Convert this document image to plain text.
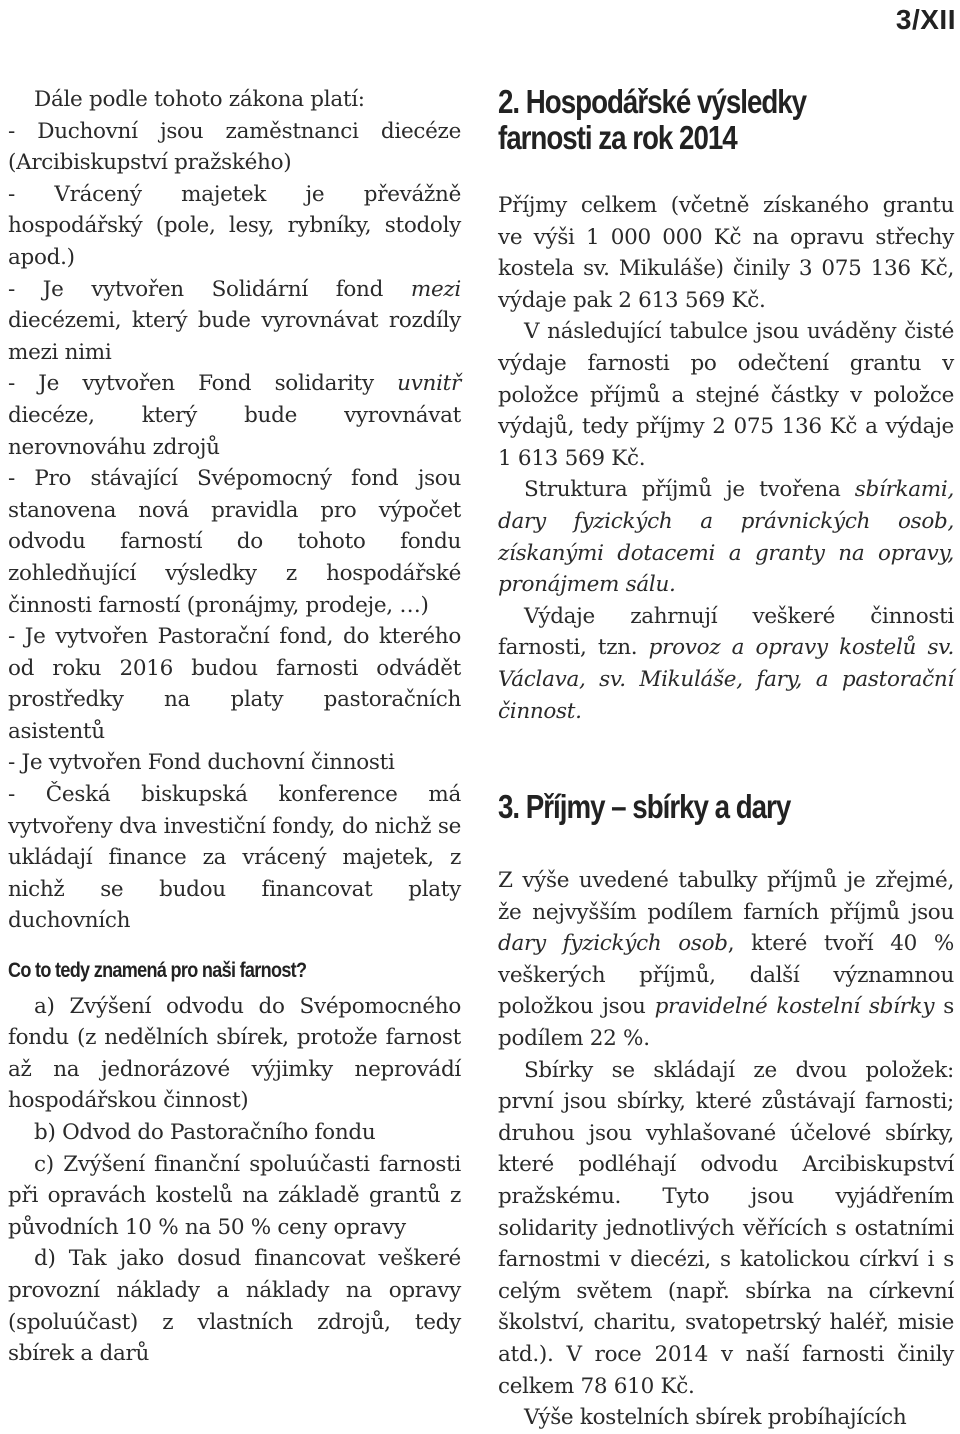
3/XII

Dále podle tohoto zákona platí:

- Duchovní jsou zaměstnanci diecéze (Arcibiskupství pražského)

- Vrácený majetek je převážně hospodářský (pole, lesy, rybníky, stodoly apod.)

- Je vytvořen Solidární fond mezi diecézemi, který bude vyrovnávat rozdíly mezi nimi

- Je vytvořen Fond solidarity uvnitř diecéze, který bude vyrovnávat nerovnováhu zdrojů

- Pro stávající Svépomocný fond jsou stanovena nová pravidla pro výpočet odvodu farností do tohoto fondu zohledňující výsledky z hospodářské činnosti farností (pronájmy, prodeje, …)

- Je vytvořen Pastorační fond, do kterého od roku 2016 budou farnosti odvádět prostředky na platy pastoračních asistentů

- Je vytvořen Fond duchovní činnosti

- Česká biskupská konference má vytvořeny dva investiční fondy, do nichž se ukládají finance za vrácený majetek, z nichž se budou financovat platy duchovních

Co to tedy znamená pro naši farnost?

a) Zvýšení odvodu do Svépomocného fondu (z nedělních sbírek, protože farnost až na jednorázové výjimky neprovádí hospodářskou činnost)

b) Odvod do Pastoračního fondu

c) Zvýšení finanční spoluúčasti farnosti při opravách kostelů na základě grantů z původních 10 % na 50 % ceny opravy

d) Tak jako dosud financovat veškeré provozní náklady a náklady na opravy (spoluúčast) z vlastních zdrojů, tedy sbírek a darů

2. Hospodářské výsledky
farnosti za rok 2014

Příjmy celkem (včetně získaného grantu ve výši 1 000 000 Kč na opravu střechy kostela sv. Mikuláše) činily 3 075 136 Kč, výdaje pak 2 613 569 Kč.

V následující tabulce jsou uváděny čisté výdaje farnosti po odečtení grantu v položce příjmů a stejné částky v položce výdajů, tedy příjmy 2 075 136 Kč a výdaje 1 613 569 Kč.

Struktura příjmů je tvořena sbírkami, dary fyzických a právnických osob, získanými dotacemi a granty na opravy, pronájmem sálu.

Výdaje zahrnují veškeré činnosti farnosti, tzn. provoz a opravy kostelů sv. Václava, sv. Mikuláše, fary, a pastorační činnost.

3. Příjmy – sbírky a dary

Z výše uvedené tabulky příjmů je zřejmé, že nejvyšším podílem farních příjmů jsou dary fyzických osob, které tvoří 40 % veškerých příjmů, další významnou položkou jsou pravidelné kostelní sbírky s podílem 22 %.

Sbírky se skládají ze dvou položek: první jsou sbírky, které zůstávají farnosti; druhou jsou vyhlašované účelové sbírky, které podléhají odvodu Arcibiskupství pražskému. Tyto jsou vyjádřením solidarity jednotlivých věřících s ostatními farnostmi v diecézi, s katolickou církví i s celým světem (např. sbírka na církevní školství, charitu, svatopetrský haléř, misie atd.). V roce 2014 v naší farnosti činily celkem 78 610 Kč.

Výše kostelních sbírek probíhajících
